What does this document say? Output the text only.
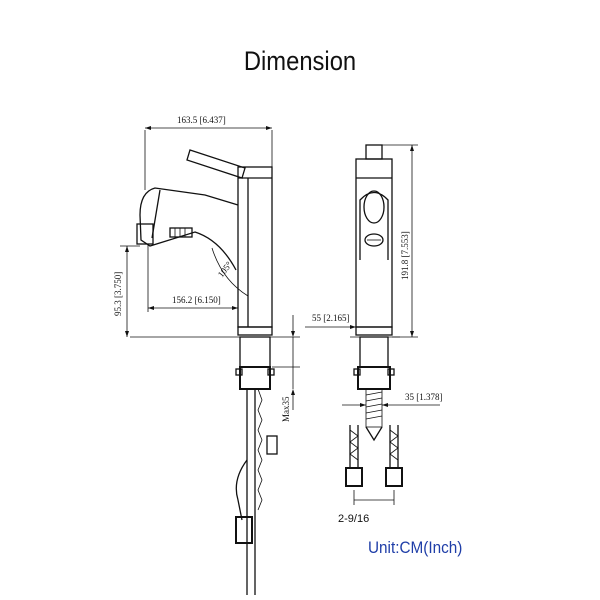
Dimension
163.5 [6.437]
156.2 [6.150]
95.3 [3.750]
105°
Max35
191.8 [7.553]
55 [2.165]
35 [1.378]
2-9/16
Unit:CM(Inch)
